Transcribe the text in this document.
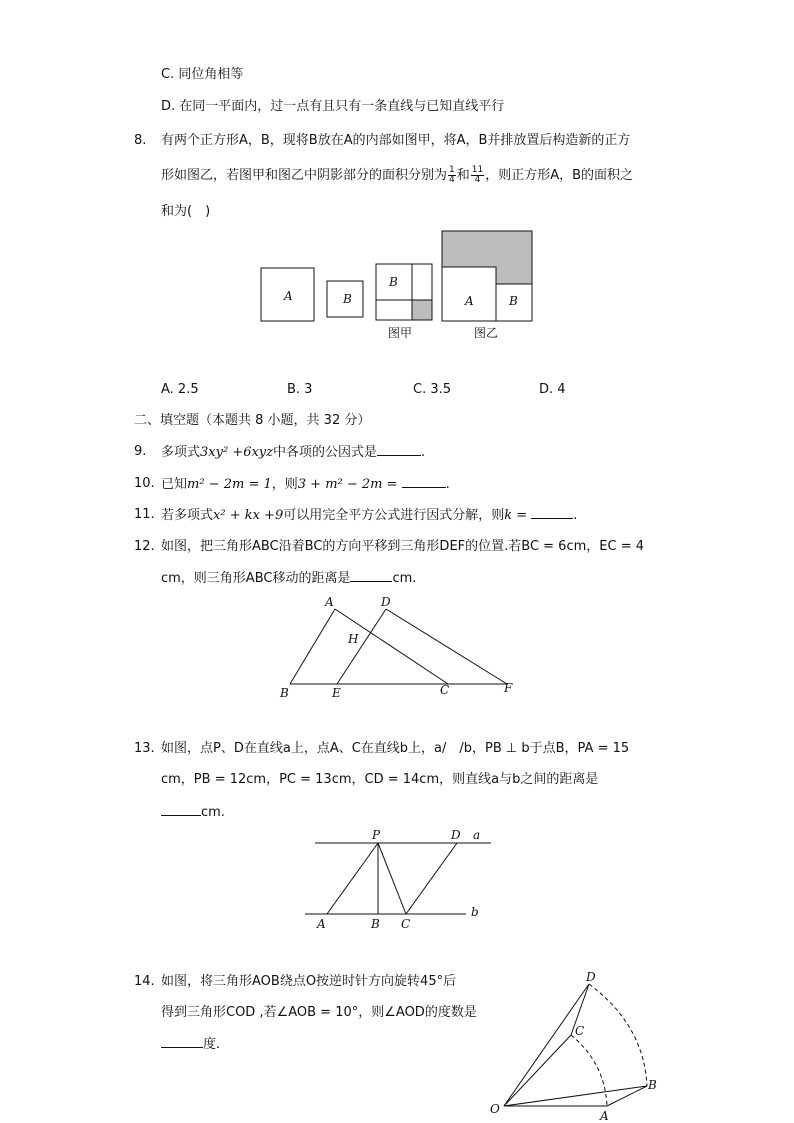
C. 同位角相等
D. 在同一平面内，过一点有且只有一条直线与已知直线平行
8. 有两个正方形A，B，现将B放在A的内部如图甲，将A，B并排放置后构造新的正方
形如图乙，若图甲和图乙中阴影部分的面积分别为 $\frac{1}{4}$ 和 $\frac{11}{4}$ ，则正方形A，B的面积之
和为(　)
A	B
B
A	B
图甲	图乙
A. 2.5	B. 3	C. 3.5	D. 4
二、填空题（本题共 8 小题，共 32 分）
9. 多项式3xy² +6xyz中各项的公因式是	.
10. 已知m² − 2m = 1，则3 + m² − 2m =	.
11. 若多项式x² + kx +9可以用完全平方公式进行因式分解，则k =	.
12. 如图，把三角形ABC沿着BC的方向平移到三角形DEF的位置.若BC = 6cm，EC = 4
cm，则三角形ABC移动的距离是	cm.
A	D
H
B	E	C	F
13. 如图，点P、D在直线a上，点A、C在直线b上，a/　/b，PB ⊥ b于点B，PA = 15
cm，PB = 12cm，PC = 13cm，CD = 14cm，则直线a与b之间的距离是
cm.
P	D a
b
A	B C
14. 如图，将三角形AOB绕点O按逆时针方向旋转45°后
得到三角形COD ,若∠AOB = 10°，则∠AOD的度数是
度.
D
C
B
O	A
